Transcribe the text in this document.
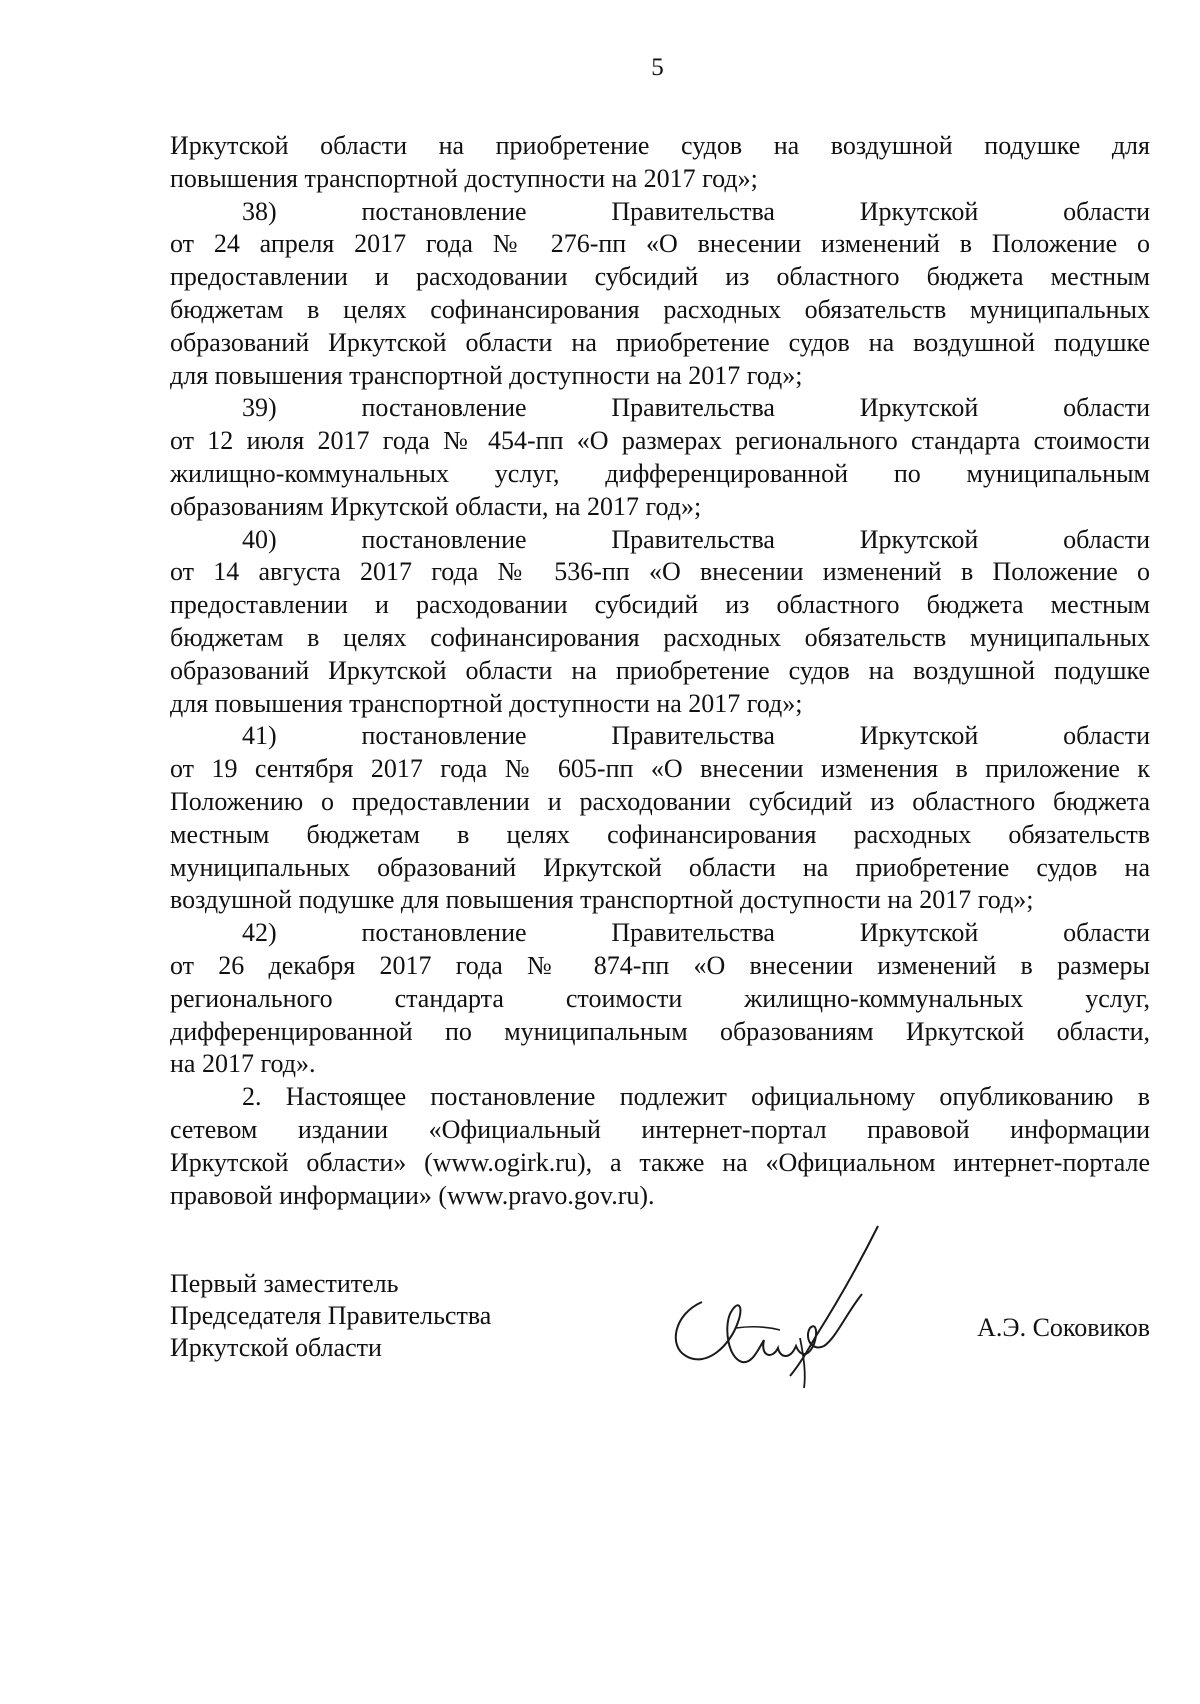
5
Иркутской области на приобретение судов на воздушной подушке для
повышения транспортной доступности на 2017 год»;
38) постановление Правительства Иркутской области
от 24 апреля 2017 года № 276-пп «О внесении изменений в Положение о
предоставлении и расходовании субсидий из областного бюджета местным
бюджетам в целях софинансирования расходных обязательств муниципальных
образований Иркутской области на приобретение судов на воздушной подушке
для повышения транспортной доступности на 2017 год»;
39) постановление Правительства Иркутской области
от 12 июля 2017 года № 454-пп «О размерах регионального стандарта стоимости
жилищно-коммунальных услуг, дифференцированной по муниципальным
образованиям Иркутской области, на 2017 год»;
40) постановление Правительства Иркутской области
от 14 августа 2017 года № 536-пп «О внесении изменений в Положение о
предоставлении и расходовании субсидий из областного бюджета местным
бюджетам в целях софинансирования расходных обязательств муниципальных
образований Иркутской области на приобретение судов на воздушной подушке
для повышения транспортной доступности на 2017 год»;
41) постановление Правительства Иркутской области
от 19 сентября 2017 года № 605-пп «О внесении изменения в приложение к
Положению о предоставлении и расходовании субсидий из областного бюджета
местным бюджетам в целях софинансирования расходных обязательств
муниципальных образований Иркутской области на приобретение судов на
воздушной подушке для повышения транспортной доступности на 2017 год»;
42) постановление Правительства Иркутской области
от 26 декабря 2017 года № 874-пп «О внесении изменений в размеры
регионального стандарта стоимости жилищно-коммунальных услуг,
дифференцированной по муниципальным образованиям Иркутской области,
на 2017 год».
2. Настоящее постановление подлежит официальному опубликованию в
сетевом издании «Официальный интернет-портал правовой информации
Иркутской области» (www.ogirk.ru), а также на «Официальном интернет-портале
правовой информации» (www.pravo.gov.ru).
Первый заместитель
Председателя Правительства
Иркутской области
А.Э. Соковиков
